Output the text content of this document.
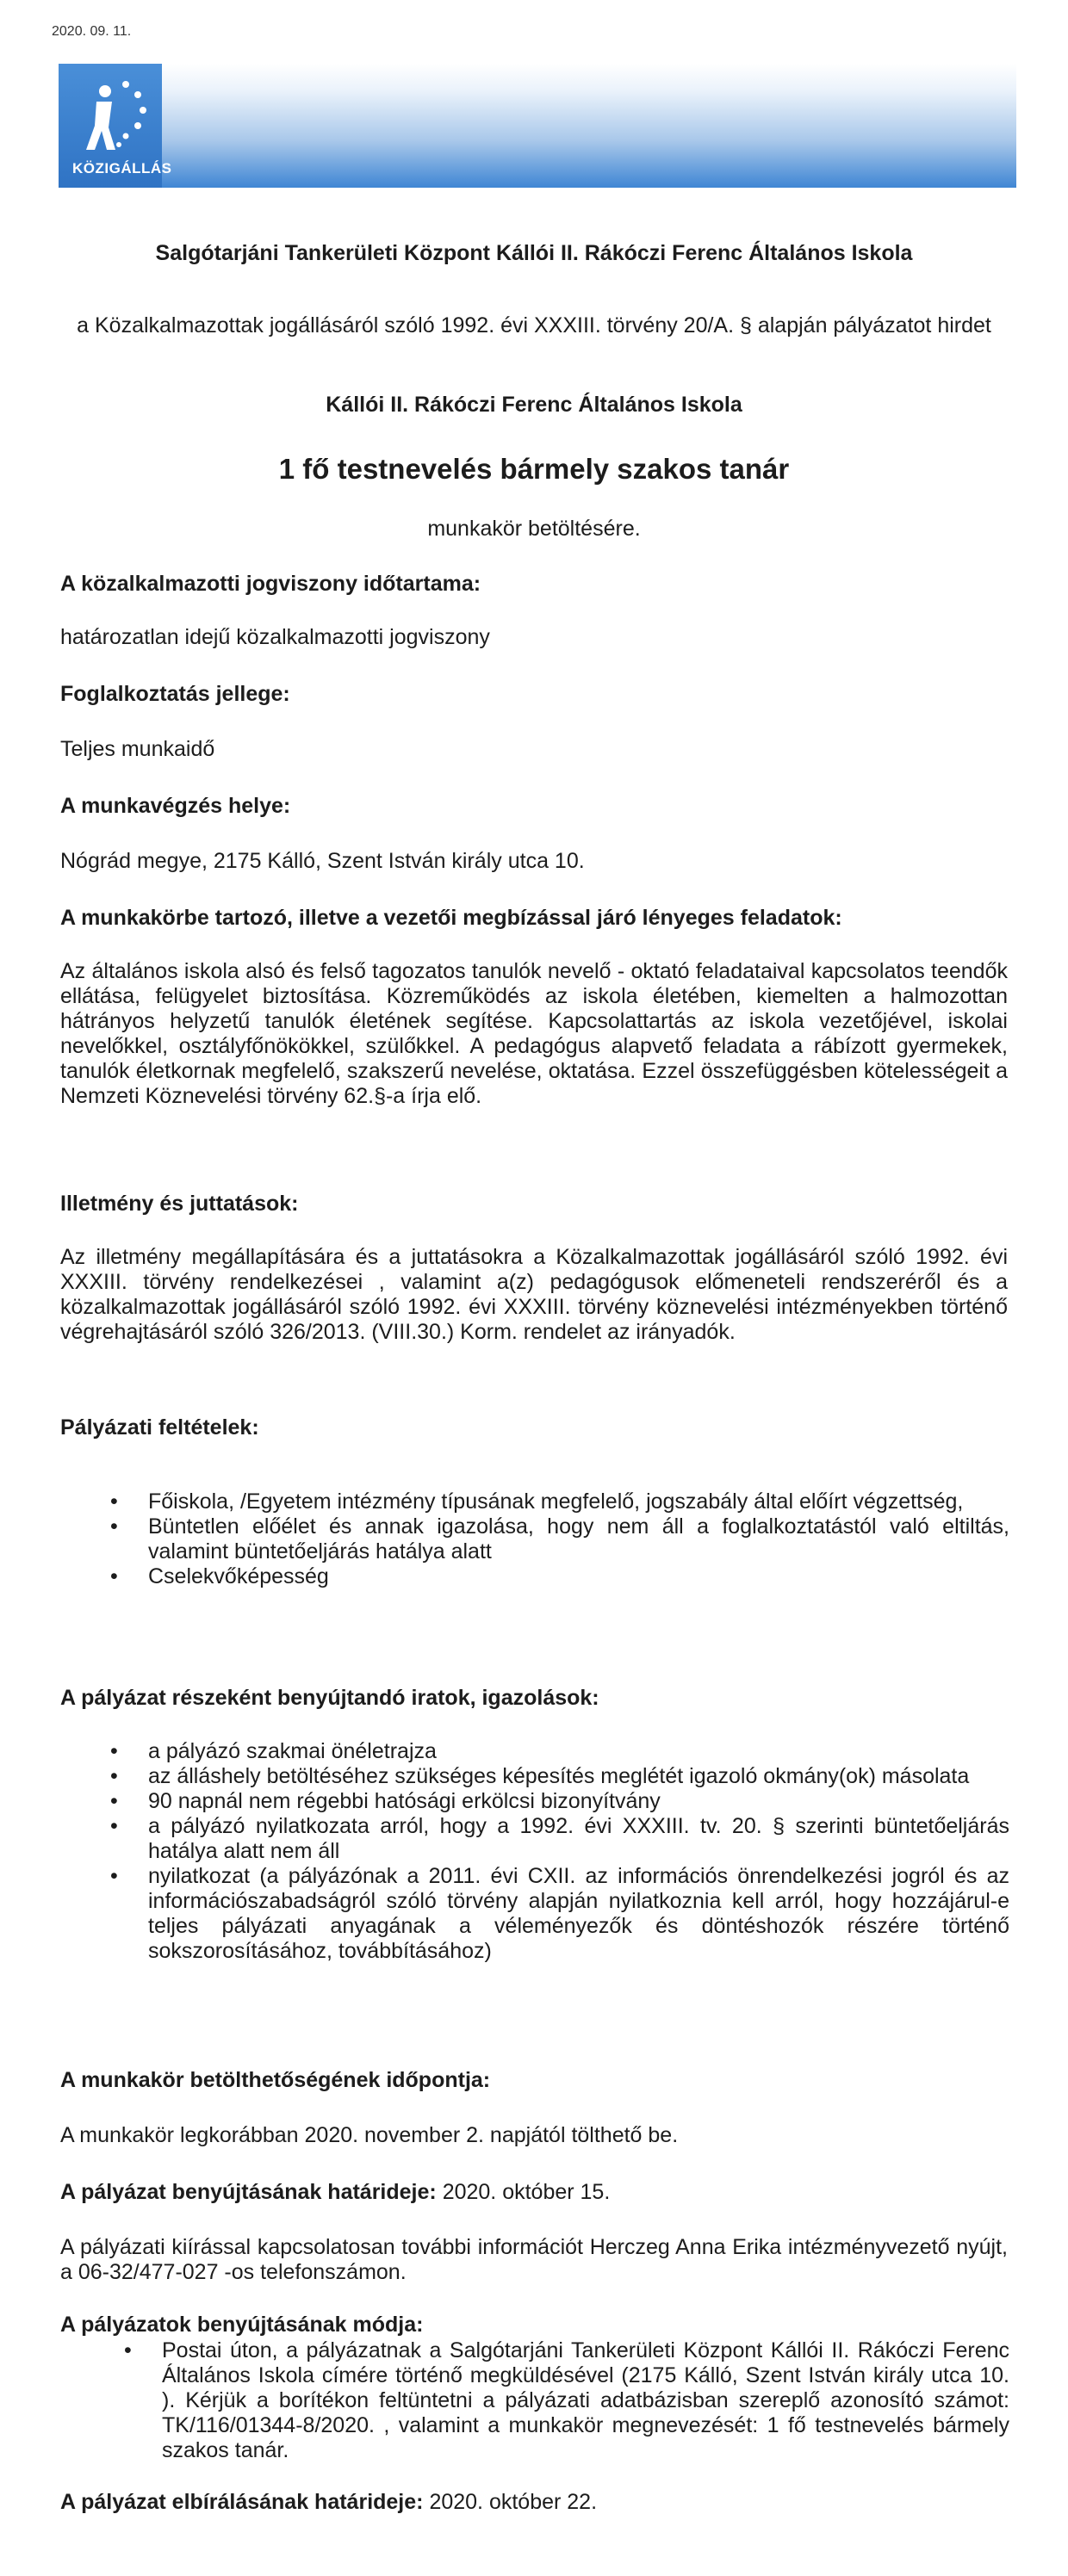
2020. 09. 11.
KÖZIGÁLLÁS
Salgótarjáni Tankerületi Központ Kállói II. Rákóczi Ferenc Általános Iskola
a Közalkalmazottak jogállásáról szóló 1992. évi XXXIII. törvény 20/A. § alapján pályázatot hirdet
Kállói II. Rákóczi Ferenc Általános Iskola
1 fő testnevelés bármely szakos tanár
munkakör betöltésére.
A közalkalmazotti jogviszony időtartama:
határozatlan idejű közalkalmazotti jogviszony
Foglalkoztatás jellege:
Teljes munkaidő
A munkavégzés helye:
Nógrád megye, 2175 Kálló, Szent István király utca 10.
A munkakörbe tartozó, illetve a vezetői megbízással járó lényeges feladatok:
Az általános iskola alsó és felső tagozatos tanulók nevelő - oktató feladataival kapcsolatos teendők ellátása, felügyelet biztosítása. Közreműködés az iskola életében, kiemelten a halmozottan hátrányos helyzetű tanulók életének segítése. Kapcsolattartás az iskola vezetőjével, iskolai nevelőkkel, osztályfőnökökkel, szülőkkel. A pedagógus alapvető feladata a rábízott gyermekek, tanulók életkornak megfelelő, szakszerű nevelése, oktatása. Ezzel összefüggésben kötelességeit a Nemzeti Köznevelési törvény 62.§-a írja elő.
Illetmény és juttatások:
Az illetmény megállapítására és a juttatásokra a Közalkalmazottak jogállásáról szóló 1992. évi XXXIII. törvény rendelkezései , valamint a(z) pedagógusok előmeneteli rendszeréről és a közalkalmazottak jogállásáról szóló 1992. évi XXXIII. törvény köznevelési intézményekben történő végrehajtásáról szóló 326/2013. (VIII.30.) Korm. rendelet az irányadók.
Pályázati feltételek:
• Főiskola, /Egyetem intézmény típusának megfelelő, jogszabály által előírt végzettség,
• Büntetlen előélet és annak igazolása, hogy nem áll a foglalkoztatástól való eltiltás, valamint büntetőeljárás hatálya alatt
• Cselekvőképesség
A pályázat részeként benyújtandó iratok, igazolások:
• a pályázó szakmai önéletrajza
• az álláshely betöltéséhez szükséges képesítés meglétét igazoló okmány(ok) másolata
• 90 napnál nem régebbi hatósági erkölcsi bizonyítvány
• a pályázó nyilatkozata arról, hogy a 1992. évi XXXIII. tv. 20. § szerinti büntetőeljárás hatálya alatt nem áll
• nyilatkozat (a pályázónak a 2011. évi CXII. az információs önrendelkezési jogról és az információszabadságról szóló törvény alapján nyilatkoznia kell arról, hogy hozzájárul-e teljes pályázati anyagának a véleményezők és döntéshozók részére történő sokszorosításához, továbbításához)
A munkakör betölthetőségének időpontja:
A munkakör legkorábban 2020. november 2. napjától tölthető be.
A pályázat benyújtásának határideje: 2020. október 15.
A pályázati kiírással kapcsolatosan további információt Herczeg Anna Erika intézményvezető nyújt, a 06-32/477-027 -os telefonszámon.
A pályázatok benyújtásának módja:
• Postai úton, a pályázatnak a Salgótarjáni Tankerületi Központ Kállói II. Rákóczi Ferenc Általános Iskola címére történő megküldésével (2175 Kálló, Szent István király utca 10. ). Kérjük a borítékon feltüntetni a pályázati adatbázisban szereplő azonosító számot: TK/116/01344-8/2020. , valamint a munkakör megnevezését: 1 fő testnevelés bármely szakos tanár.
A pályázat elbírálásának határideje: 2020. október 22.
